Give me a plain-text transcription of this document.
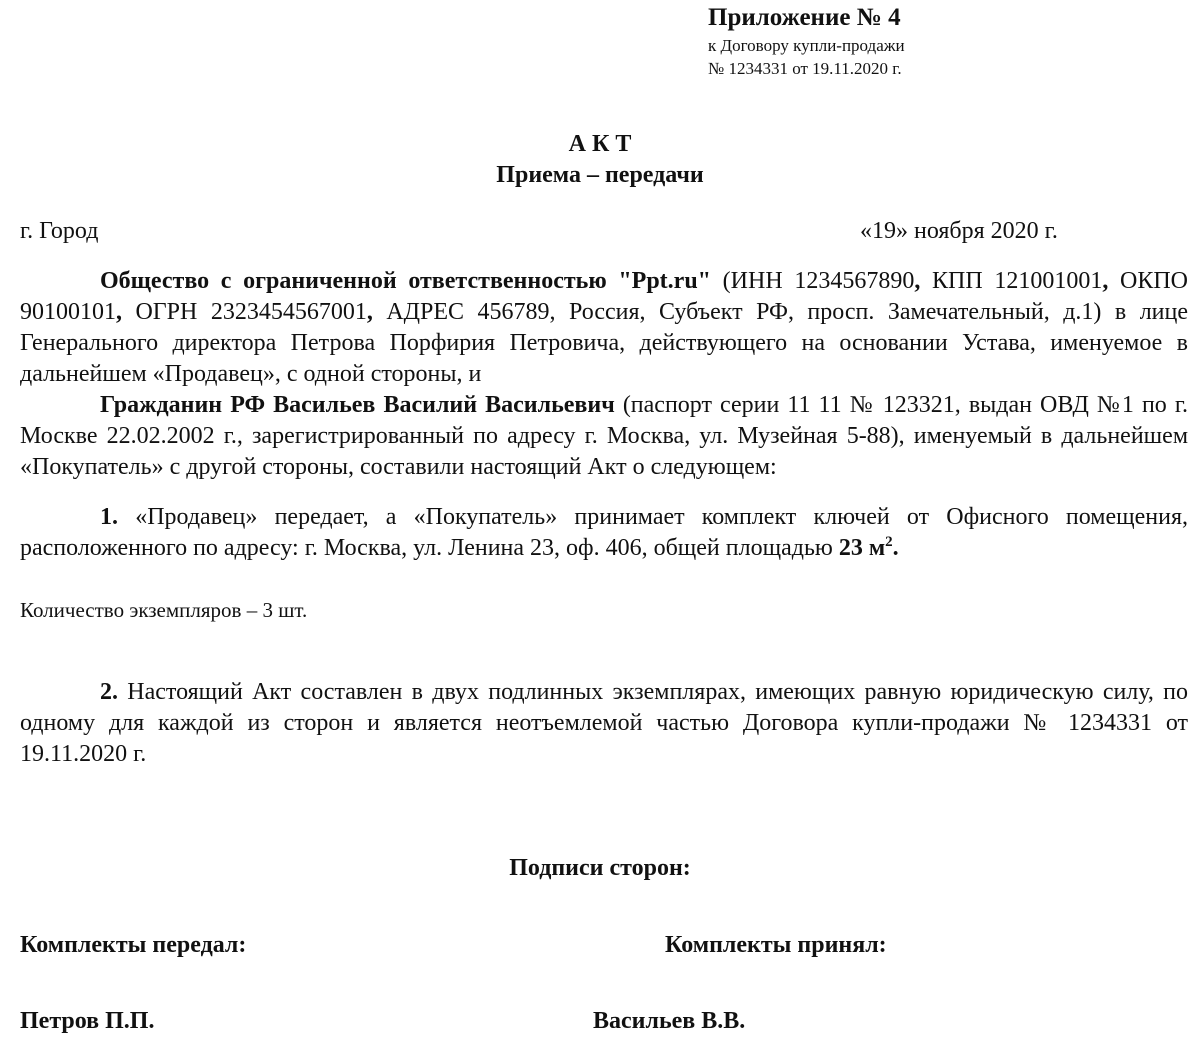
Приложение № 4
к Договору купли-продажи
№ 1234331 от 19.11.2020 г.
А К Т
Приема – передачи
г. Город	«19» ноября 2020 г.

Общество с ограниченной ответственностью "Ppt.ru" (ИНН 1234567890, КПП 121001001, ОКПО 90100101, ОГРН 2323454567001, АДРЕС 456789, Россия, Субъект РФ, просп. Замечательный, д.1) в лице Генерального директора Петрова Порфирия Петровича, действующего на основании Устава, именуемое в дальнейшем «Продавец», с одной стороны, и

Гражданин РФ Васильев Василий Васильевич (паспорт серии 11 11 № 123321, выдан ОВД №1 по г. Москве 22.02.2002 г., зарегистрированный по адресу г. Москва, ул. Музейная 5-88), именуемый в дальнейшем «Покупатель» с другой стороны, составили настоящий Акт о следующем:

1. «Продавец» передает, а «Покупатель» принимает комплект ключей от Офисного помещения, расположенного по адресу: г. Москва, ул. Ленина 23, оф. 406, общей площадью 23 $м^2$.

Количество экземпляров – 3 шт.

2. Настоящий Акт составлен в двух подлинных экземплярах, имеющих равную юридическую силу, по одному для каждой из сторон и является неотъемлемой частью Договора купли-продажи № 1234331 от 19.11.2020 г.

Подписи сторон:
Комплекты передал:	Комплекты принял:
Петров П.П.	Васильев В.В.
